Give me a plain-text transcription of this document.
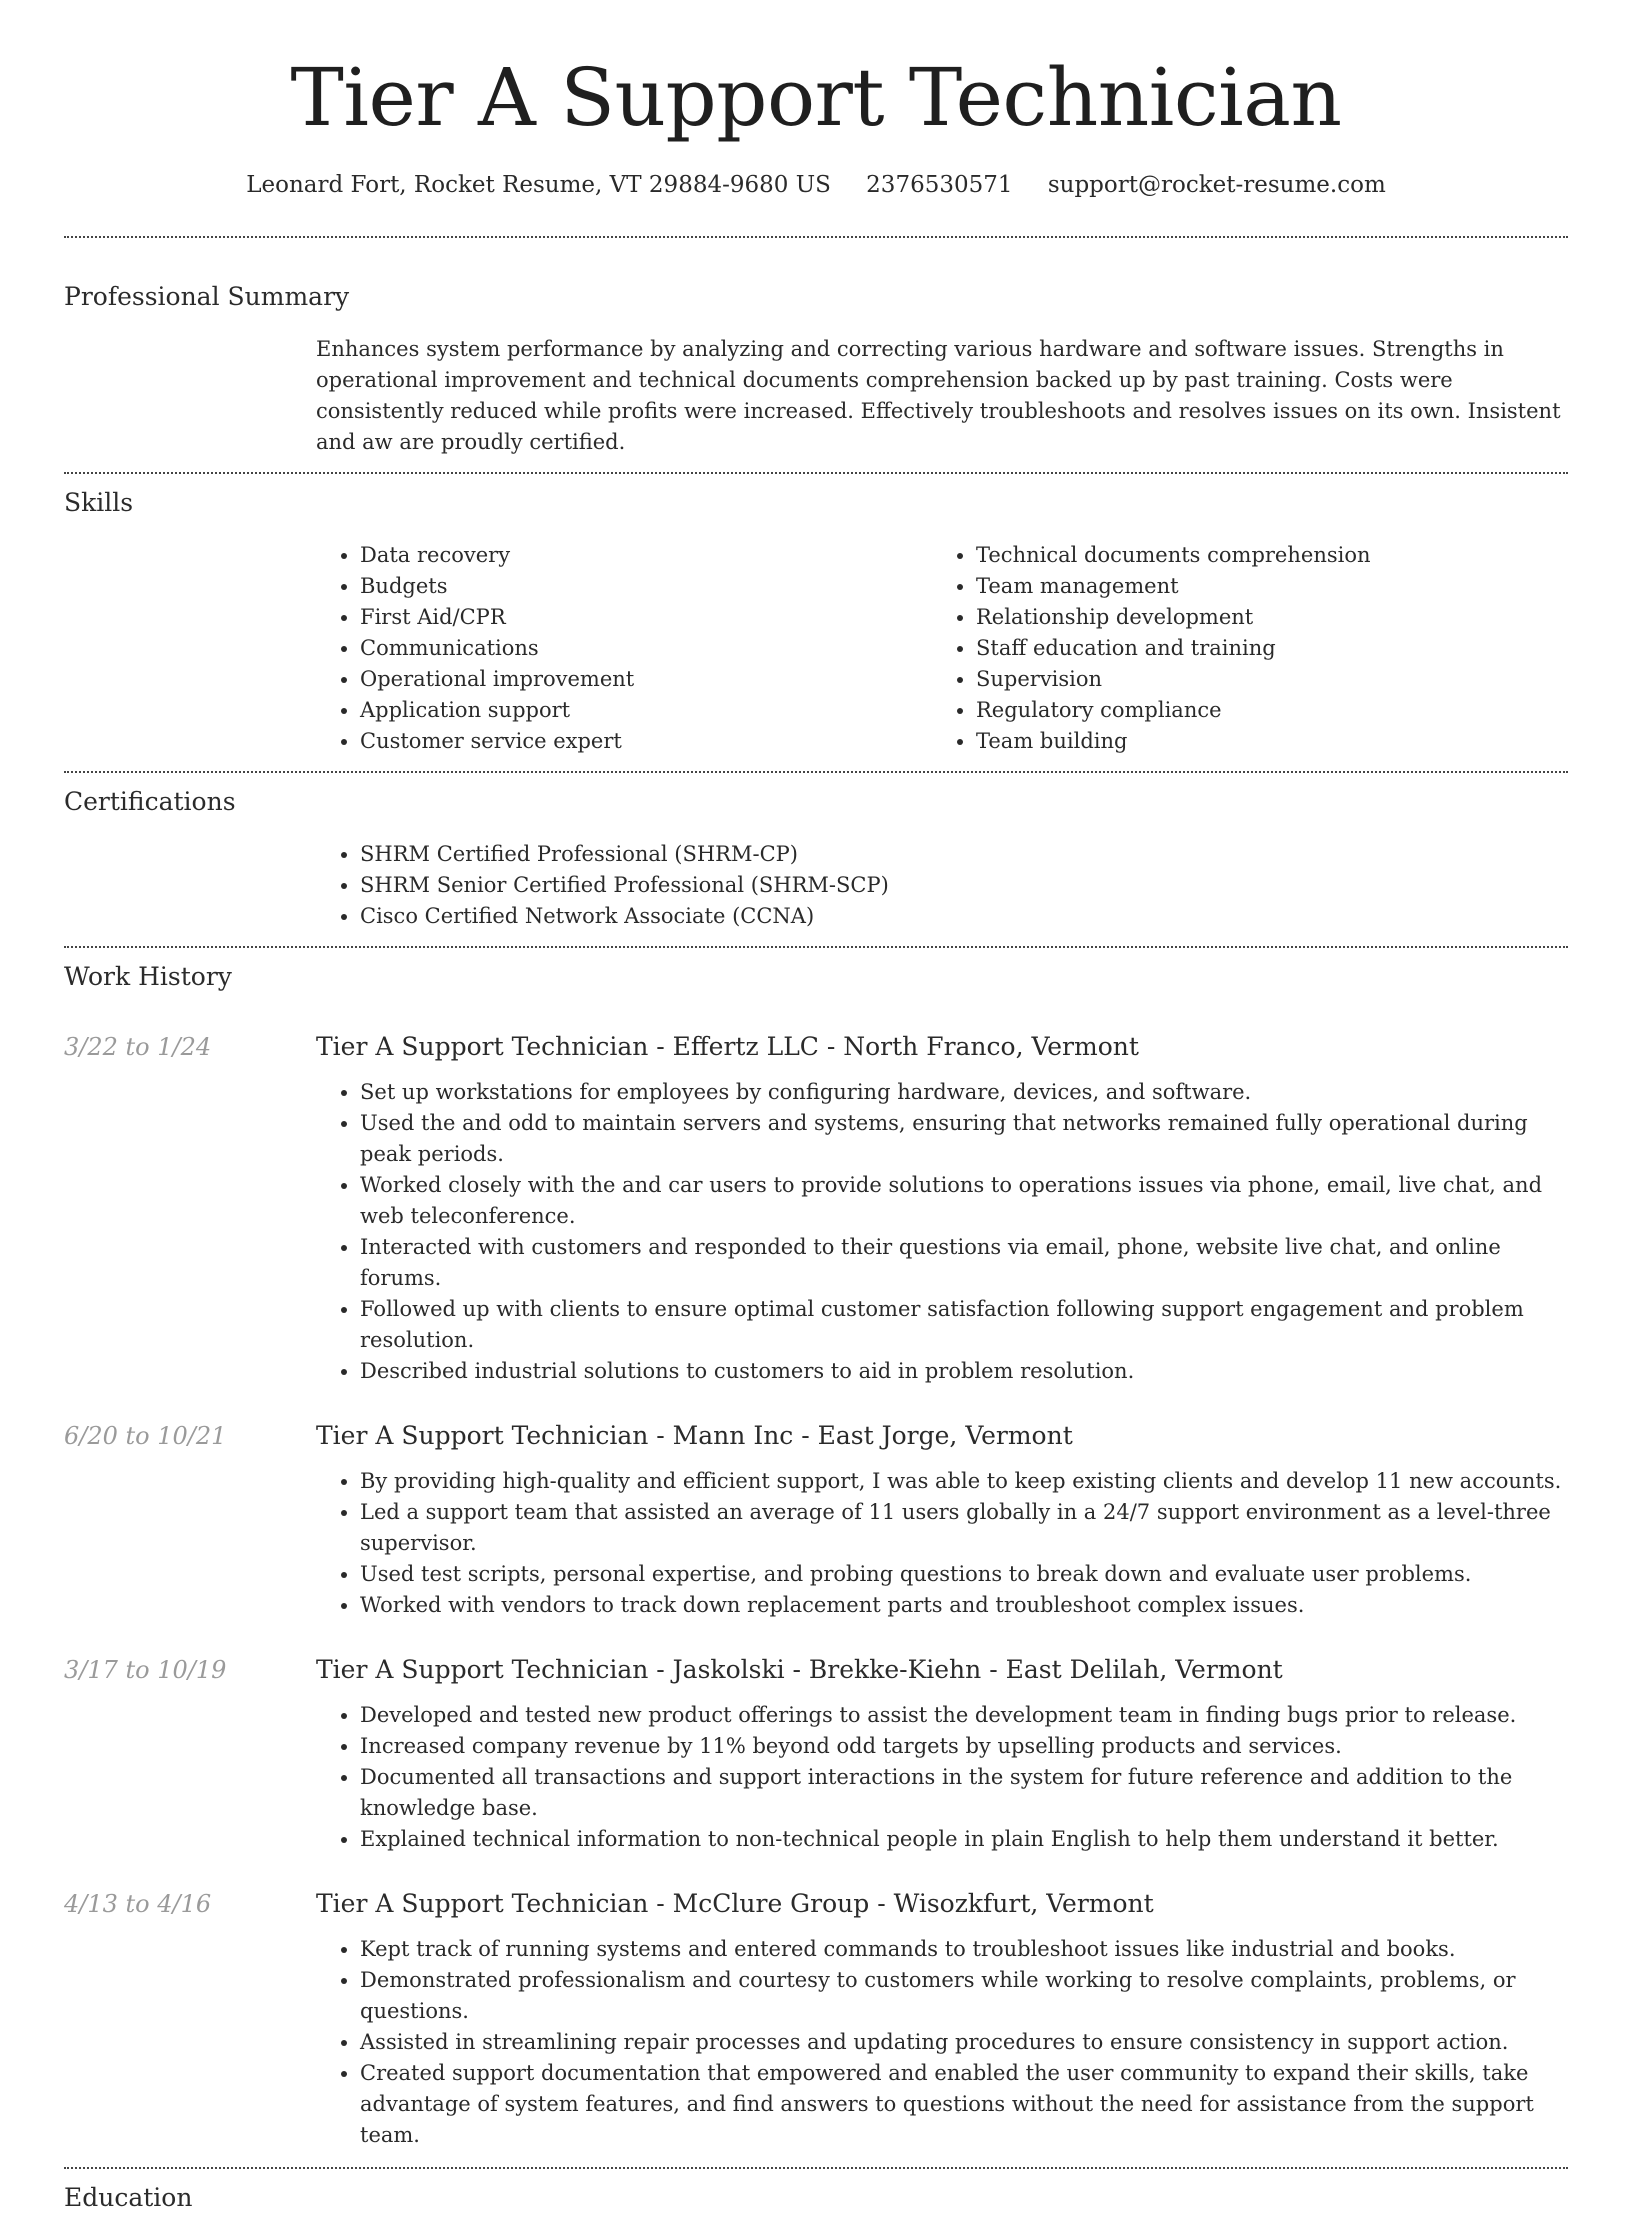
Tier A Support Technician
Leonard Fort, Rocket Resume, VT 29884-9680 US 2376530571 support@rocket-resume.com
Professional Summary

Enhances system performance by analyzing and correcting various hardware and software issues. Strengths in operational improvement and technical documents comprehension backed up by past training. Costs were consistently reduced while profits were increased. Effectively troubleshoots and resolves issues on its own. Insistent and aw are proudly certified.

Skills
• Data recovery
• Budgets
• First Aid/CPR
• Communications
• Operational improvement
• Application support
• Customer service expert
• Technical documents comprehension
• Team management
• Relationship development
• Staff education and training
• Supervision
• Regulatory compliance
• Team building
Certifications
• SHRM Certified Professional (SHRM-CP)
• SHRM Senior Certified Professional (SHRM-SCP)
• Cisco Certified Network Associate (CCNA)
Work History
3/22 to 1/24	Tier A Support Technician - Effertz LLC - North Franco, Vermont
• Set up workstations for employees by configuring hardware, devices, and software.
• Used the and odd to maintain servers and systems, ensuring that networks remained fully operational during peak periods.
• Worked closely with the and car users to provide solutions to operations issues via phone, email, live chat, and web teleconference.
• Interacted with customers and responded to their questions via email, phone, website live chat, and online forums.
• Followed up with clients to ensure optimal customer satisfaction following support engagement and problem resolution.
• Described industrial solutions to customers to aid in problem resolution.
6/20 to 10/21	Tier A Support Technician - Mann Inc - East Jorge, Vermont
• By providing high-quality and efficient support, I was able to keep existing clients and develop 11 new accounts.
• Led a support team that assisted an average of 11 users globally in a 24/7 support environment as a level-three supervisor.
• Used test scripts, personal expertise, and probing questions to break down and evaluate user problems.
• Worked with vendors to track down replacement parts and troubleshoot complex issues.
3/17 to 10/19	Tier A Support Technician - Jaskolski - Brekke-Kiehn - East Delilah, Vermont
• Developed and tested new product offerings to assist the development team in finding bugs prior to release.
• Increased company revenue by 11% beyond odd targets by upselling products and services.
• Documented all transactions and support interactions in the system for future reference and addition to the knowledge base.
• Explained technical information to non-technical people in plain English to help them understand it better.
4/13 to 4/16	Tier A Support Technician - McClure Group - Wisozkfurt, Vermont
• Kept track of running systems and entered commands to troubleshoot issues like industrial and books.
• Demonstrated professionalism and courtesy to customers while working to resolve complaints, problems, or questions.
• Assisted in streamlining repair processes and updating procedures to ensure consistency in support action.
• Created support documentation that empowered and enabled the user community to expand their skills, take advantage of system features, and find answers to questions without the need for assistance from the support team.
Education
